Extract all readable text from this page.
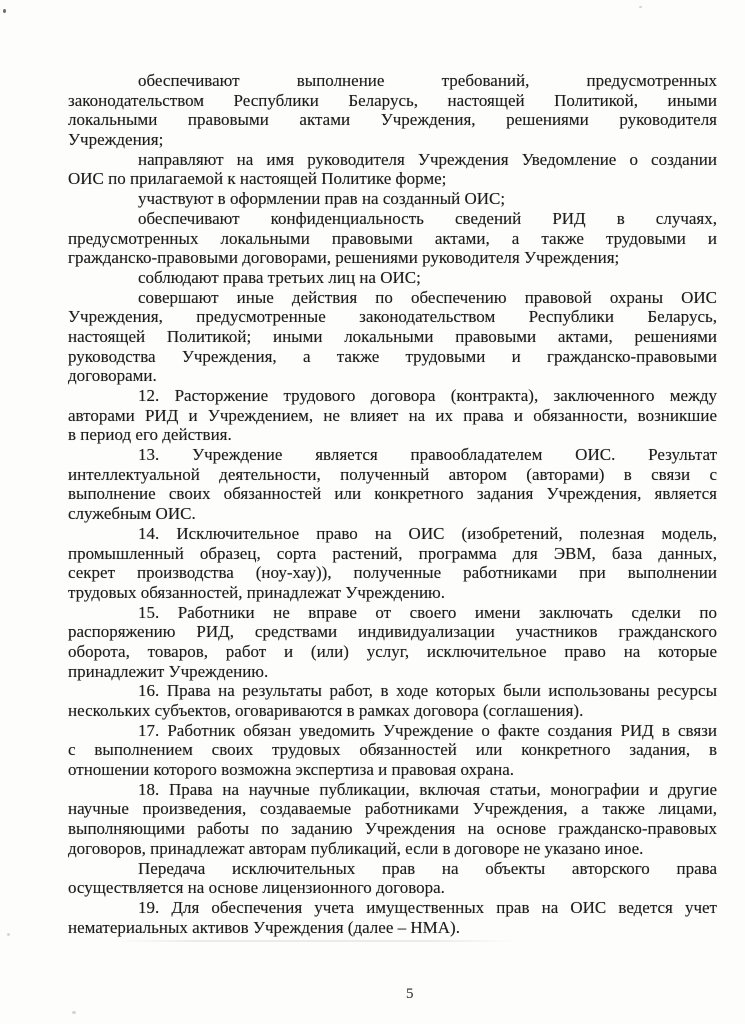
обеспечивают выполнение требований, предусмотренных
законодательством Республики Беларусь, настоящей Политикой, иными
локальными правовыми актами Учреждения, решениями руководителя
Учреждения;
направляют на имя руководителя Учреждения Уведомление о создании
ОИС по прилагаемой к настоящей Политике форме;
участвуют в оформлении прав на созданный ОИС;
обеспечивают конфиденциальность сведений РИД в случаях,
предусмотренных локальными правовыми актами, а также трудовыми и
гражданско-правовыми договорами, решениями руководителя Учреждения;
соблюдают права третьих лиц на ОИС;
совершают иные действия по обеспечению правовой охраны ОИС
Учреждения, предусмотренные законодательством Республики Беларусь,
настоящей Политикой; иными локальными правовыми актами, решениями
руководства Учреждения, а также трудовыми и гражданско-правовыми
договорами.
12. Расторжение трудового договора (контракта), заключенного между
авторами РИД и Учреждением, не влияет на их права и обязанности, возникшие
в период его действия.
13. Учреждение является правообладателем ОИС. Результат
интеллектуальной деятельности, полученный автором (авторами) в связи с
выполнение своих обязанностей или конкретного задания Учреждения, является
служебным ОИС.
14. Исключительное право на ОИС (изобретений, полезная модель,
промышленный образец, сорта растений, программа для ЭВМ, база данных,
секрет производства (ноу-хау)), полученные работниками при выполнении
трудовых обязанностей, принадлежат Учреждению.
15. Работники не вправе от своего имени заключать сделки по
распоряжению РИД, средствами индивидуализации участников гражданского
оборота, товаров, работ и (или) услуг, исключительное право на которые
принадлежит Учреждению.
16. Права на результаты работ, в ходе которых были использованы ресурсы
нескольких субъектов, оговариваются в рамках договора (соглашения).
17. Работник обязан уведомить Учреждение о факте создания РИД в связи
с выполнением своих трудовых обязанностей или конкретного задания, в
отношении которого возможна экспертиза и правовая охрана.
18. Права на научные публикации, включая статьи, монографии и другие
научные произведения, создаваемые работниками Учреждения, а также лицами,
выполняющими работы по заданию Учреждения на основе гражданско-правовых
договоров, принадлежат авторам публикаций, если в договоре не указано иное.
Передача исключительных прав на объекты авторского права
осуществляется на основе лицензионного договора.
19. Для обеспечения учета имущественных прав на ОИС ведется учет
нематериальных активов Учреждения (далее – НМА).
5
